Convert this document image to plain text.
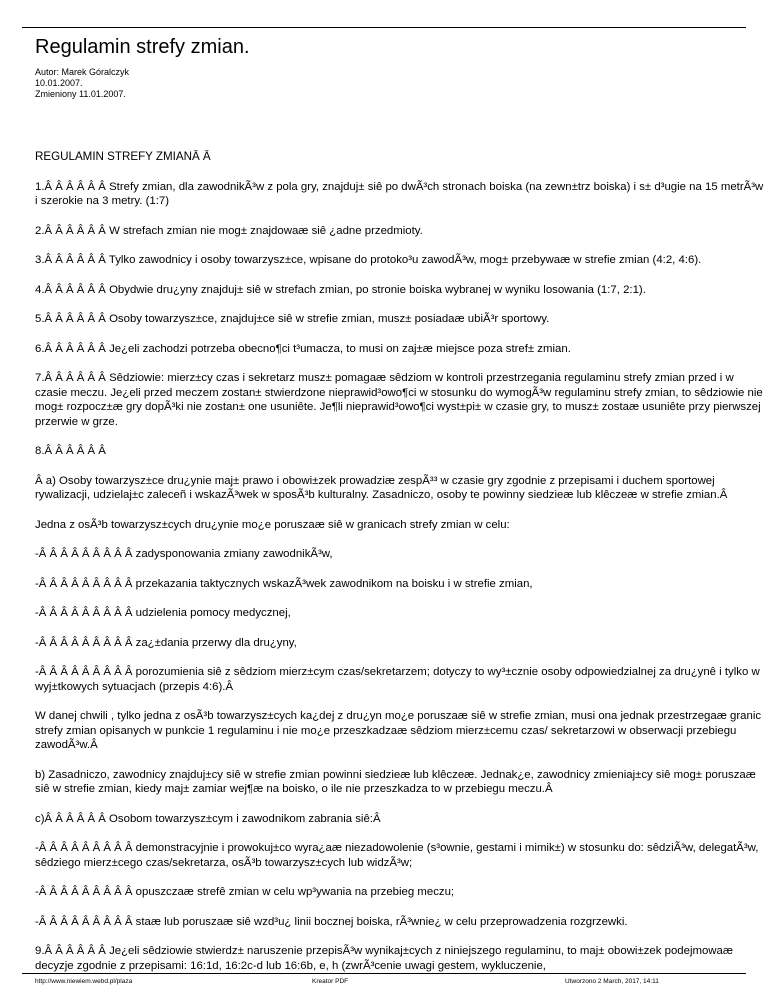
Regulamin strefy zmian.
Autor: Marek Góralczyk
10.01.2007.
Zmieniony 11.01.2007.

REGULAMIN STREFY ZMIANÂ Â

1.Â Â Â Â Â Â Strefy zmian, dla zawodnikÃ³w z pola gry, znajduj± siê po dwÃ³ch stronach boiska (na zewn±trz boiska) i s± d³ugie na 15 metrÃ³w i szerokie na 3 metry. (1:7)

2.Â Â Â Â Â Â W strefach zmian nie mog± znajdowaæ siê ¿adne przedmioty.

3.Â Â Â Â Â Â Tylko zawodnicy i osoby towarzysz±ce, wpisane do protoko³u zawodÃ³w, mog± przebywaæ w strefie zmian (4:2, 4:6).

4.Â Â Â Â Â Â Obydwie dru¿yny znajduj± siê w strefach zmian, po stronie boiska wybranej w wyniku losowania (1:7, 2:1).

5.Â Â Â Â Â Â Osoby towarzysz±ce, znajduj±ce siê w strefie zmian, musz± posiadaæ ubiÃ³r sportowy.

6.Â Â Â Â Â Â Je¿eli zachodzi potrzeba obecno¶ci t³umacza, to musi on zaj±æ miejsce poza stref± zmian.

7.Â Â Â Â Â Â Sêdziowie: mierz±cy czas i sekretarz musz± pomagaæ sêdziom w kontroli przestrzegania regulaminu strefy zmian przed i w czasie meczu. Je¿eli przed meczem zostan± stwierdzone nieprawid³owo¶ci w stosunku do wymogÃ³w regulaminu strefy zmian, to sêdziowie nie mog± rozpocz±æ gry dopÃ³ki nie zostan± one usuniête. Je¶li nieprawid³owo¶ci wyst±pi± w czasie gry, to musz± zostaæ usuniête przy pierwszej przerwie w grze.

8.Â Â Â Â Â Â

Â a) Osoby towarzysz±ce dru¿ynie maj± prawo i obowi±zek prowadziæ zespÃ³³ w czasie gry zgodnie z przepisami i duchem sportowej rywalizacji, udzielaj±c zaleceñ i wskazÃ³wek w sposÃ³b kulturalny. Zasadniczo, osoby te powinny siedzieæ lub klêczeæ w strefie zmian.Â

Jedna z osÃ³b towarzysz±cych dru¿ynie mo¿e poruszaæ siê w granicach strefy zmian w celu:

-Â Â Â Â Â Â Â Â Â zadysponowania zmiany zawodnikÃ³w,

-Â Â Â Â Â Â Â Â Â przekazania taktycznych wskazÃ³wek zawodnikom na boisku i w strefie zmian,

-Â Â Â Â Â Â Â Â Â udzielenia pomocy medycznej,

-Â Â Â Â Â Â Â Â Â za¿±dania przerwy dla dru¿yny,

-Â Â Â Â Â Â Â Â Â porozumienia siê z sêdziom mierz±cym czas/sekretarzem; dotyczy to wy³±cznie osoby odpowiedzialnej za dru¿ynê i tylko w wyj±tkowych sytuacjach (przepis 4:6).Â

W danej chwili , tylko jedna z osÃ³b towarzysz±cych ka¿dej z dru¿yn mo¿e poruszaæ siê w strefie zmian, musi ona jednak przestrzegaæ granic strefy zmian opisanych w punkcie 1 regulaminu i nie mo¿e przeszkadzaæ sêdziom mierz±cemu czas/ sekretarzowi w obserwacji przebiegu zawodÃ³w.Â

b) Zasadniczo, zawodnicy znajduj±cy siê w strefie zmian powinni siedzieæ lub klêczeæ. Jednak¿e, zawodnicy zmieniaj±cy siê mog± poruszaæ siê w strefie zmian, kiedy maj± zamiar wej¶æ na boisko, o ile nie przeszkadza to w przebiegu meczu.Â

c)Â Â Â Â Â Â Osobom towarzysz±cym i zawodnikom zabrania siê:Â

-Â Â Â Â Â Â Â Â Â demonstracyjnie i prowokuj±co wyra¿aæ niezadowolenie (s³ownie, gestami i mimik±) w stosunku do: sêdziÃ³w, delegatÃ³w, sêdziego mierz±cego czas/sekretarza, osÃ³b towarzysz±cych lub widzÃ³w;

-Â Â Â Â Â Â Â Â Â opuszczaæ strefê zmian w celu wp³ywania na przebieg meczu;

-Â Â Â Â Â Â Â Â Â staæ lub poruszaæ siê wzd³u¿ linii bocznej boiska, rÃ³wnie¿ w celu przeprowadzenia rozgrzewki.

9.Â Â Â Â Â Â Je¿eli sêdziowie stwierdz± naruszenie przepisÃ³w wynikaj±cych z niniejszego regulaminu, to maj± obowi±zek podejmowaæ decyzje zgodnie z przepisami: 16:1d, 16:2c-d lub 16:6b, e, h (zwrÃ³cenie uwagi gestem, wykluczenie,

http://www.niewiem.webd.pl/plaza	Kreator PDF	Utworzono 2 March, 2017, 14:11
